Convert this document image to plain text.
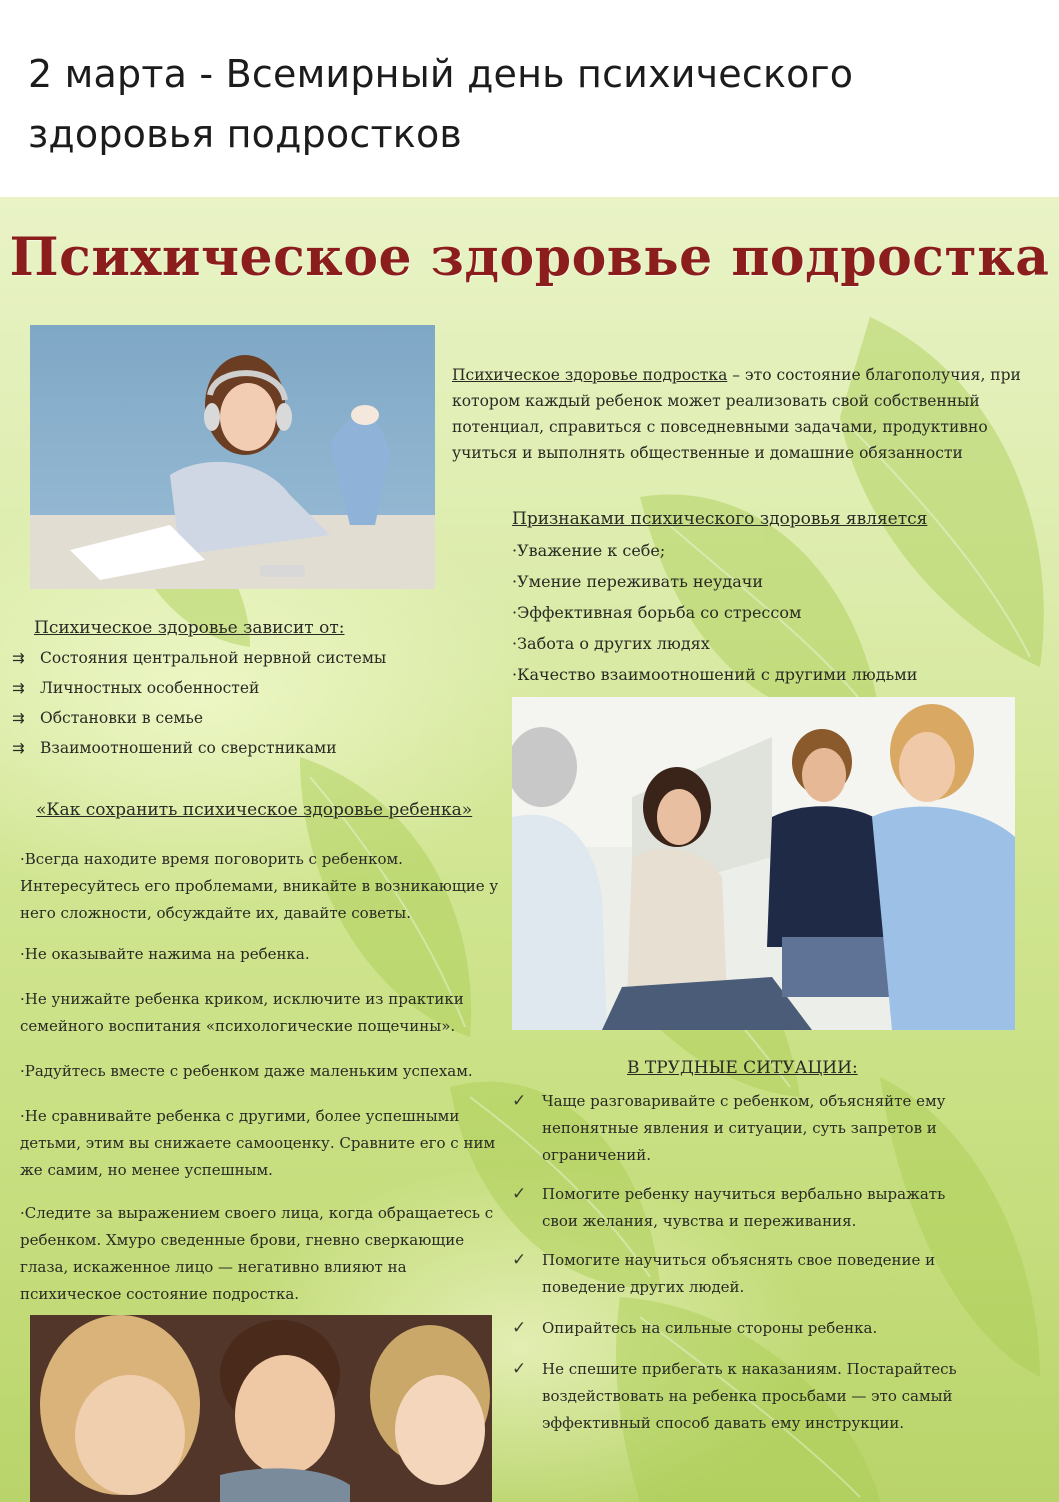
2 марта - Всемирный день психического здоровья подростков
Психическое здоровье подростка
Психическое здоровье подростка – это состояние благополучия, при котором каждый ребенок может реализовать свой собственный потенциал, справиться с повседневными задачами, продуктивно учиться и выполнять общественные и домашние обязанности

Признаками психического здоровья является

·Уважение к себе;

·Умение переживать неудачи

·Эффективная борьба со стрессом

·Забота о других людях

·Качество взаимоотношений с другими людьми

Психическое здоровье зависит от:

⇉ Состояния центральной нервной системы
⇉ Личностных особенностей
⇉ Обстановки в семье
⇉ Взаимоотношений со сверстниками

«Как сохранить психическое здоровье ребенка»

·Всегда находите время поговорить с ребенком. Интересуйтесь его проблемами, вникайте в возникающие у него сложности, обсуждайте их, давайте советы.

·Не оказывайте нажима на ребенка.

·Не унижайте ребенка криком, исключите из практики семейного воспитания «психологические пощечины».

·Радуйтесь вместе с ребенком даже маленьким успехам.

·Не сравнивайте ребенка с другими, более успешными детьми, этим вы снижаете самооценку. Сравните его с ним же самим, но менее успешным.

·Следите за выражением своего лица, когда обращаетесь с ребенком. Хмуро сведенные брови, гневно сверкающие глаза, искаженное лицо — негативно влияют на психическое состояние подростка.

В ТРУДНЫЕ СИТУАЦИИ:

✓	Чаще разговаривайте с ребенком, объясняйте ему непонятные явления и ситуации, суть запретов и ограничений.
✓	Помогите ребенку научиться вербально выражать свои желания, чувства и переживания.
✓	Помогите научиться объяснять свое поведение и поведение других людей.
✓	Опирайтесь на сильные стороны ребенка.
✓	Не спешите прибегать к наказаниям. Постарайтесь воздействовать на ребенка просьбами — это самый эффективный способ давать ему инструкции.
